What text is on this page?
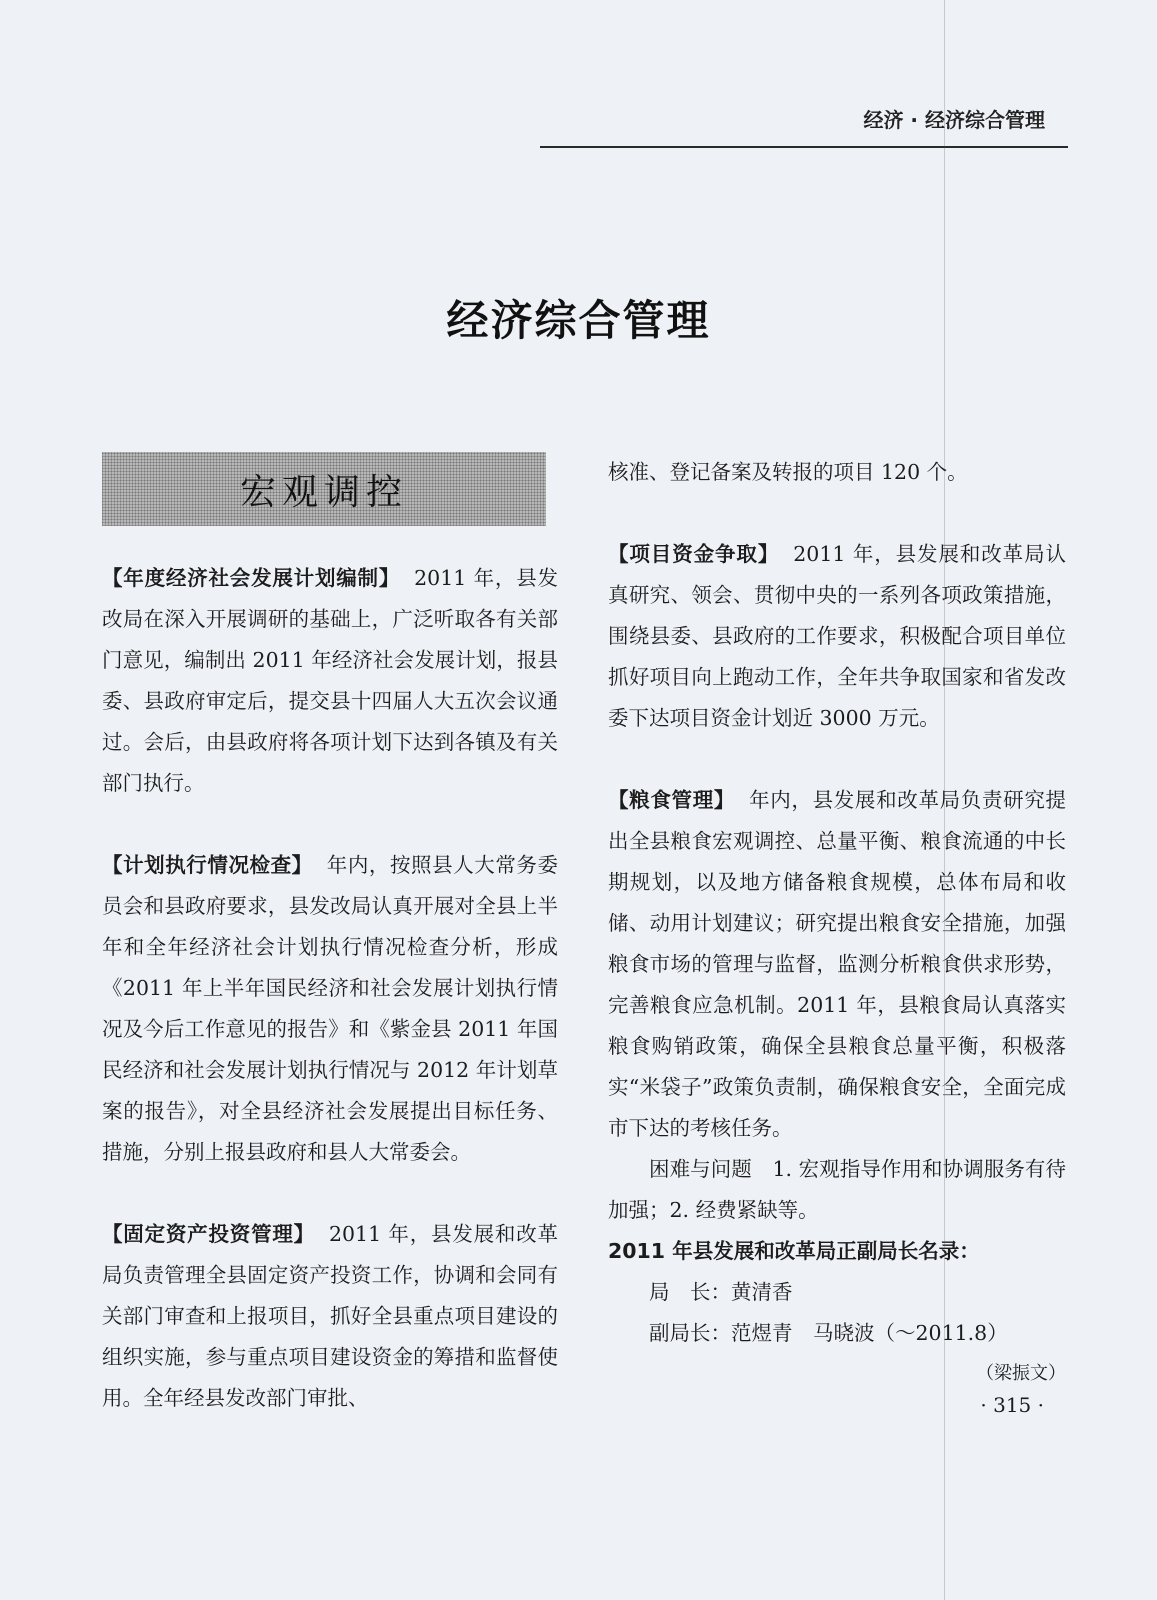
经济 · 经济综合管理
经济综合管理
宏观调控

【年度经济社会发展计划编制】 2011 年，县发改局在深入开展调研的基础上，广泛听取各有关部门意见，编制出 2011 年经济社会发展计划，报县委、县政府审定后，提交县十四届人大五次会议通过。会后，由县政府将各项计划下达到各镇及有关部门执行。

【计划执行情况检查】 年内，按照县人大常务委员会和县政府要求，县发改局认真开展对全县上半年和全年经济社会计划执行情况检查分析，形成《2011 年上半年国民经济和社会发展计划执行情况及今后工作意见的报告》和《紫金县 2011 年国民经济和社会发展计划执行情况与 2012 年计划草案的报告》，对全县经济社会发展提出目标任务、措施，分别上报县政府和县人大常委会。

【固定资产投资管理】 2011 年，县发展和改革局负责管理全县固定资产投资工作，协调和会同有关部门审查和上报项目，抓好全县重点项目建设的组织实施，参与重点项目建设资金的筹措和监督使用。全年经县发改部门审批、

核准、登记备案及转报的项目 120 个。

【项目资金争取】 2011 年，县发展和改革局认真研究、领会、贯彻中央的一系列各项政策措施，围绕县委、县政府的工作要求，积极配合项目单位抓好项目向上跑动工作，全年共争取国家和省发改委下达项目资金计划近 3000 万元。

【粮食管理】 年内，县发展和改革局负责研究提出全县粮食宏观调控、总量平衡、粮食流通的中长期规划，以及地方储备粮食规模，总体布局和收储、动用计划建议；研究提出粮食安全措施，加强粮食市场的管理与监督，监测分析粮食供求形势，完善粮食应急机制。2011 年，县粮食局认真落实粮食购销政策，确保全县粮食总量平衡，积极落实“米袋子”政策负责制，确保粮食安全，全面完成市下达的考核任务。

困难与问题　1. 宏观指导作用和协调服务有待加强；2. 经费紧缺等。

2011 年县发展和改革局正副局长名录：

局　长：黄清香

副局长：范煜青　马晓波（～2011.8）

（梁振文）
· 315 ·
